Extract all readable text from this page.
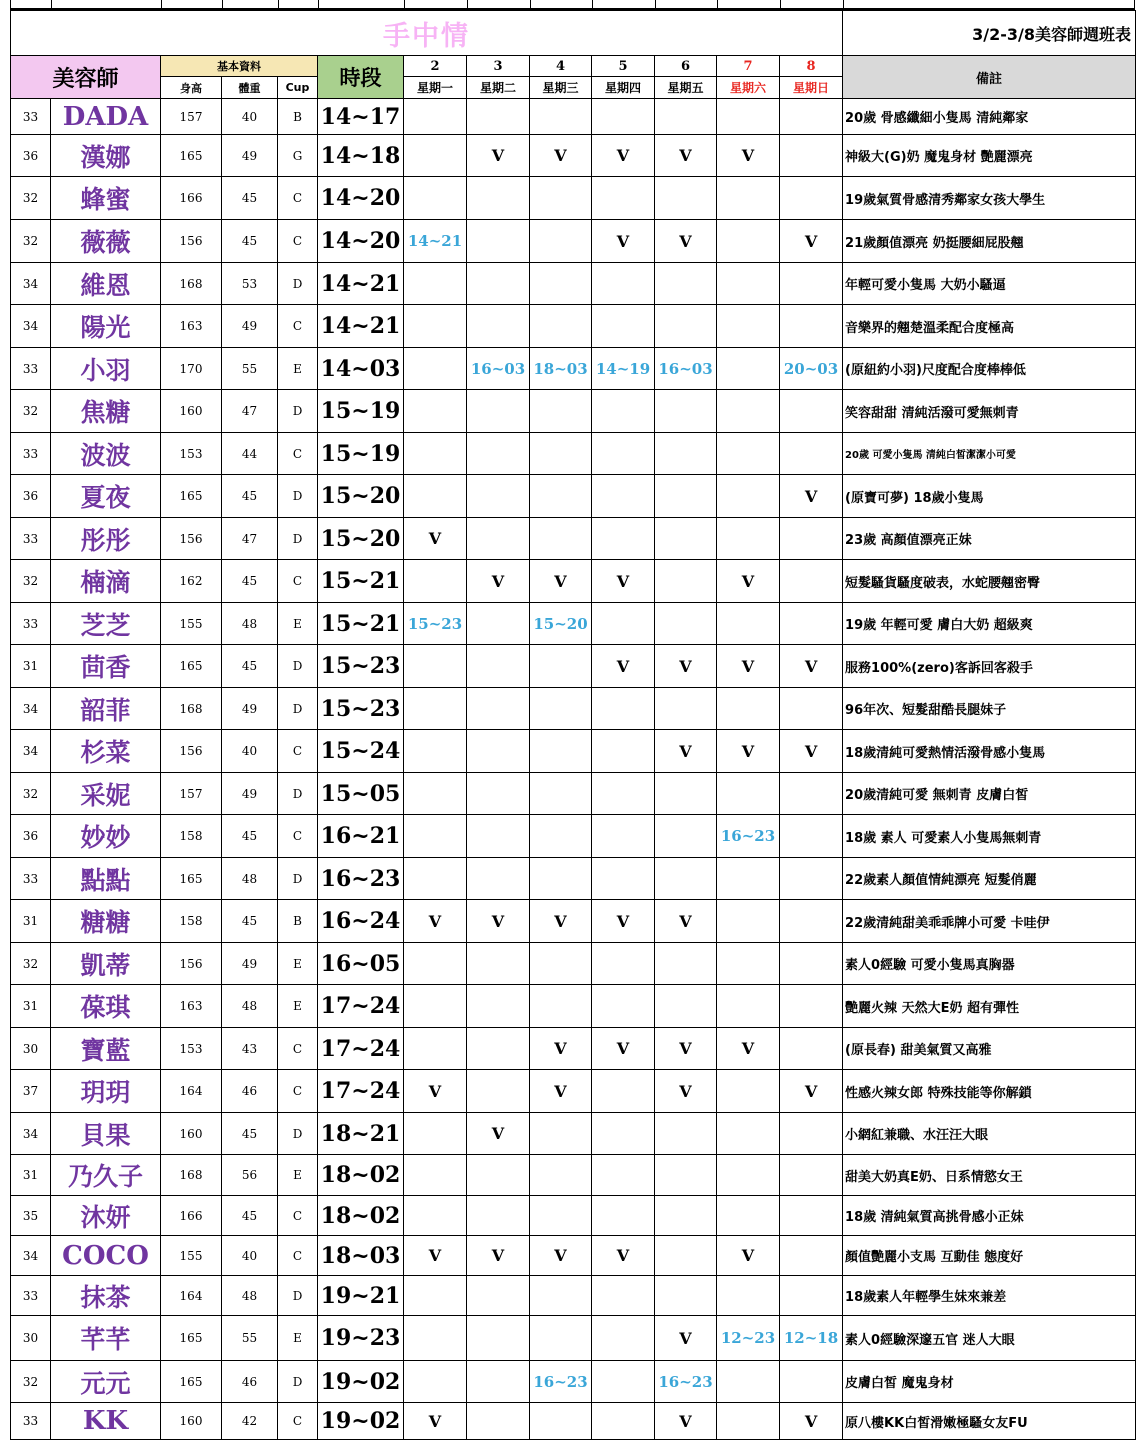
手中情													3/2-3/8美容師週班表
美容師		基本資料			時段	2	3	4	5	6	7	8	備註
		身高	體重	Cup		星期一	星期二	星期三	星期四	星期五	星期六	星期日	
33	DADA	157	40	B	14~17								20歲 骨感纖細小隻馬 清純鄰家
36	漢娜	165	49	G	14~18		V	V	V	V	V		神級大(G)奶 魔鬼身材 艷麗漂亮
32	蜂蜜	166	45	C	14~20								19歲氣質骨感清秀鄰家女孩大學生
32	薇薇	156	45	C	14~20	14~21			V	V		V	21歲顏值漂亮 奶挺腰細屁股翹
34	維恩	168	53	D	14~21								年輕可愛小隻馬 大奶小騷逼
34	陽光	163	49	C	14~21								音樂界的翹楚溫柔配合度極高
33	小羽	170	55	E	14~03		16~03	18~03	14~19	16~03		20~03	(原紐約小羽)尺度配合度棒棒低
32	焦糖	160	47	D	15~19								笑容甜甜 清純活潑可愛無刺青
33	波波	153	44	C	15~19								20歲 可愛小隻馬 清純白皙潔潔小可愛
36	夏夜	165	45	D	15~20							V	(原寶可夢) 18歲小隻馬
33	彤彤	156	47	D	15~20	V							23歲 高顏值漂亮正妹
32	楠滴	162	45	C	15~21		V	V	V		V		短髮騷貨騷度破表，水蛇腰翹密臀
33	芝芝	155	48	E	15~21	15~23		15~20					19歲 年輕可愛 膚白大奶 超級爽
31	茴香	165	45	D	15~23				V	V	V	V	服務100%(zero)客訴回客殺手
34	韶菲	168	49	D	15~23								96年次、短髮甜酷長腿妹子
34	杉菜	156	40	C	15~24					V	V	V	18歲清純可愛熱情活潑骨感小隻馬
32	采妮	157	49	D	15~05								20歲清純可愛 無刺青 皮膚白皙
36	妙妙	158	45	C	16~21						16~23		18歲 素人 可愛素人小隻馬無刺青
33	點點	165	48	D	16~23								22歲素人顏值情純漂亮 短髮俏麗
31	糖糖	158	45	B	16~24	V	V	V	V	V			22歲清純甜美乖乖牌小可愛 卡哇伊
32	凱蒂	156	49	E	16~05								素人0經驗 可愛小隻馬真胸器
31	葆琪	163	48	E	17~24								艷麗火辣 天然大E奶 超有彈性
30	寶藍	153	43	C	17~24			V	V	V	V		(原長春) 甜美氣質又高雅
37	玥玥	164	46	C	17~24	V		V		V		V	性感火辣女郎 特殊技能等你解鎖
34	貝果	160	45	D	18~21		V						小網紅兼職、水汪汪大眼
31	乃久子	168	56	E	18~02								甜美大奶真E奶、日系情慾女王
35	沐妍	166	45	C	18~02								18歲 清純氣質高挑骨感小正妹
34	COCO	155	40	C	18~03	V	V	V	V		V		顏值艷麗小支馬 互動佳 態度好
33	抹茶	164	48	D	19~21								18歲素人年輕學生妹來兼差
30	芊芊	165	55	E	19~23					V	12~23	12~18	素人0經驗深邃五官 迷人大眼
32	元元	165	46	D	19~02			16~23		16~23			皮膚白皙 魔鬼身材
33	KK	160	42	C	19~02	V				V		V	原八樓KK白皙滑嫩極騷女友FU
